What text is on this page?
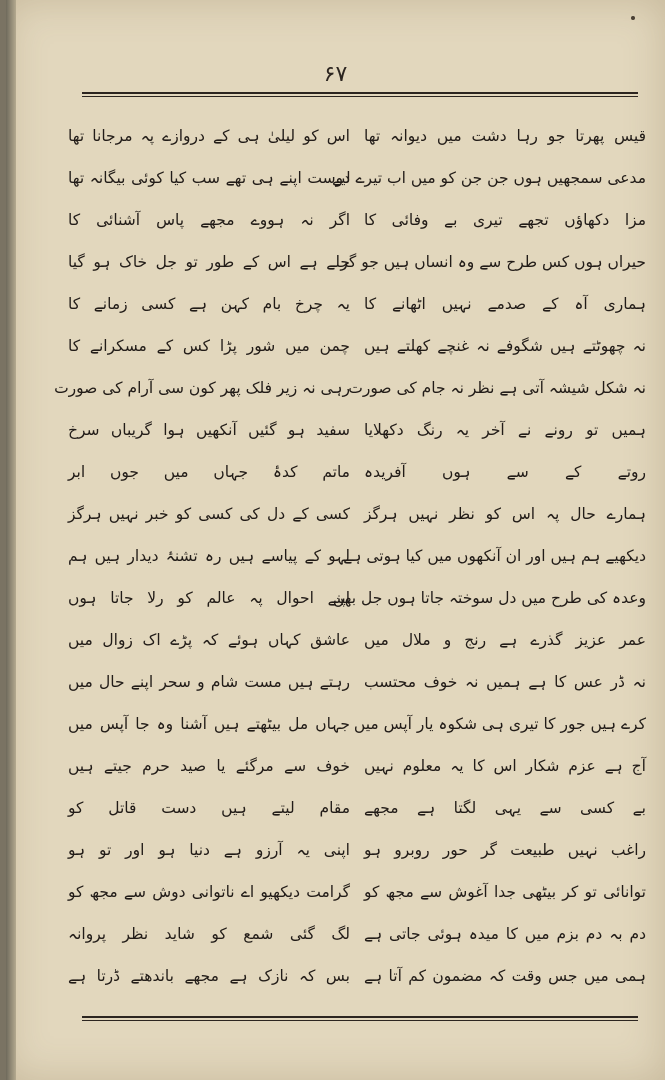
۶۷
قیس پھرتا جو رہا دشت میں دیوانہ تھا
مدعی سمجھیں ہوں جن جن کو میں اب تیرے لیے
مزا دکھاؤں تجھے تیری بے وفائی کا
حیراں ہوں کس طرح سے وہ انساں ہیں جو گر
ہماری آہ کے صدمے نہیں اٹھانے کا
نہ چھوٹتے ہیں شگوفے نہ غنچے کھلتے ہیں
نہ شکل شیشہ آتی ہے نظر نہ جام کی صورت
ہمیں تو رونے نے آخر یہ رنگ دکھلایا
روتے کے سے ہوں آفریدہ
ہمارے حال پہ اس کو نظر نہیں ہرگز
دیکھیے ہم ہیں اور ان آنکھوں میں کیا ہوتی ہے
وعدہ کی طرح میں دل سوختہ جاتا ہوں جل بھن
عمر عزیز گذرے ہے رنج و ملال میں
نہ ڈر عس کا ہے ہمیں نہ خوف محتسب
کرے ہیں جور کا تیری ہی شکوہ یار آپس میں
آج ہے عزم شکار اس کا یہ معلوم نہیں
بے کسی سے یہی لگتا ہے مجھے
راغب نہیں طبیعت گر حور روبرو ہو
توانائی تو کر بیٹھی جدا آغوش سے مجھ کو
دم بہ دم بزم میں کا میدہ ہوئی جاتی ہے
ہمی میں جس وقت کہ مضمون کم آتا ہے
اس کو لیلیٰ ہی کے دروازے پہ مرجانا تھا
دوست اپنے ہی تھے سب کیا کوئی بیگانہ تھا
اگر نہ ہووے مجھے پاس آشنائی کا
جلے ہے اس کے طور تو جل خاک ہو گیا
یہ چرخ بام کہن ہے کسی زمانے کا
چمن میں شور پڑا کس کے مسکرانے کا
رہی نہ زیر فلک پھر کون سی آرام کی صورت
سفید ہو گئیں آنکھیں ہوا گریباں سرخ
ماتم کدۂ جہاں میں جوں ابر
کسی کے دل کی کسی کو خبر نہیں ہرگز
لہو کے پیاسے ہیں رہ تشنۂ دیدار ہیں ہم
اپنے احوال پہ عالم کو رلا جاتا ہوں
عاشق کہاں ہوئے کہ پڑے اک زوال میں
رہتے ہیں مست شام و سحر اپنے حال میں
جہاں مل بیٹھتے ہیں آشنا وہ جا آپس میں
خوف سے مرگئے یا صید حرم جیتے ہیں
مقام لیتے ہیں دست قاتل کو
اپنی یہ آرزو ہے دنیا ہو اور تو ہو
گرامت دیکھیو اے ناتوانی دوش سے مجھ کو
لگ گئی شمع کو شاید نظر پروانہ
بس کہ نازک ہے مجھے باندھتے ڈرتا ہے
